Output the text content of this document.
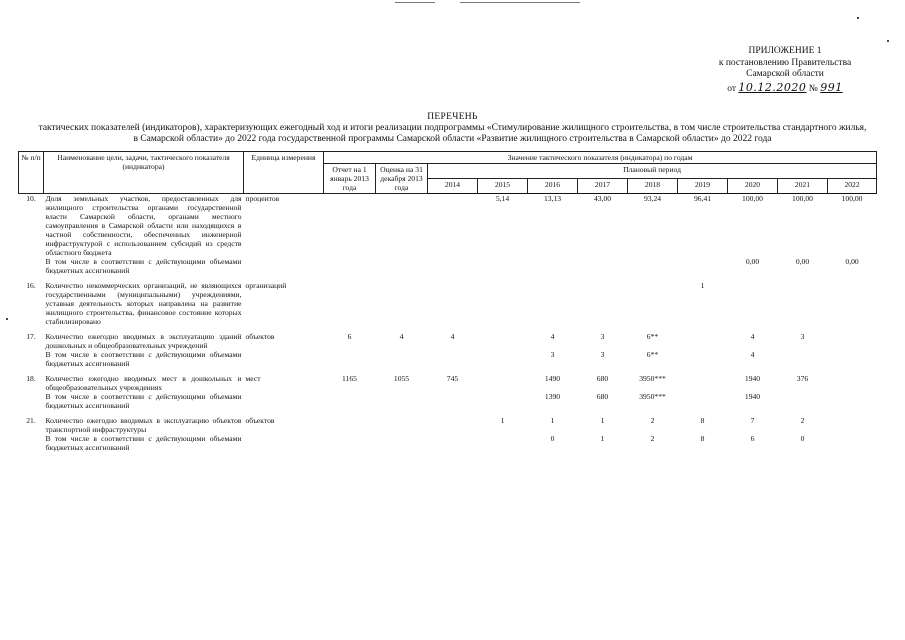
ПРИЛОЖЕНИЕ 1
к постановлению Правительства
Самарской области
от 10.12.2020 № 991
ПЕРЕЧЕНЬ
тактических показателей (индикаторов), характеризующих ежегодный ход и итоги реализации подпрограммы «Стимулирование жилищного строительства, в том числе строительства стандартного жилья,
в Самарской области» до 2022 года государственной программы Самарской области «Развитие жилищного строительства в Самарской области» до 2022 года
№ п/п	Наименование цели, задачи, тактического показателя (индикатора)	Единица измерения	Значение тактического показателя (индикатора) по годам										
			Отчет на 1 январь 2013 года	Оценка на 31 декабря 2013 года	Плановый период								
					2014	2015	2016	2017	2018	2019	2020	2021	2022
10.	Доля земельных участков, предоставленных для жилищного строительства органами государственной власти Самарской области, органами местного самоуправления в Самарской области или находящихся в частной собственности, обеспеченных инженерной инфраструктурой с использованием субсидий из средств областного бюджета	процентов				5,14	13,13	43,00	93,24	96,41	100,00	100,00	100,00
	В том числе в соответствии с действующими объемами бюджетных ассигнований										0,00	0,00	0,00

16.	Количество некоммерческих организаций, не являющихся государственными (муниципальными) учреждениями, уставная деятельность которых направлена на развитие жилищного строительства, финансовое состояние которых стабилизировано	организаций								1			

17.	Количество ежегодно вводимых в эксплуатацию зданий дошкольных и общеобразовательных учреждений	объектов	6	4	4		4	3	6**		4	3	
	В том числе в соответствии с действующими объемами бюджетных ассигнований						3	3	6**		4		

18.	Количество ежегодно вводимых мест в дошкольных и общеобразовательных учреждениях	мест	1165	1055	745		1490	680	3950***		1940	376	
	В том числе в соответствии с действующими объемами бюджетных ассигнований						1390	680	3950***		1940		

21.	Количество ежегодно вводимых в эксплуатацию объектов транспортной инфраструктуры	объектов				1	1	1	2	8	7	2	
	В том числе в соответствии с действующими объемами бюджетных ассигнований						0	1	2	8	6	0	
